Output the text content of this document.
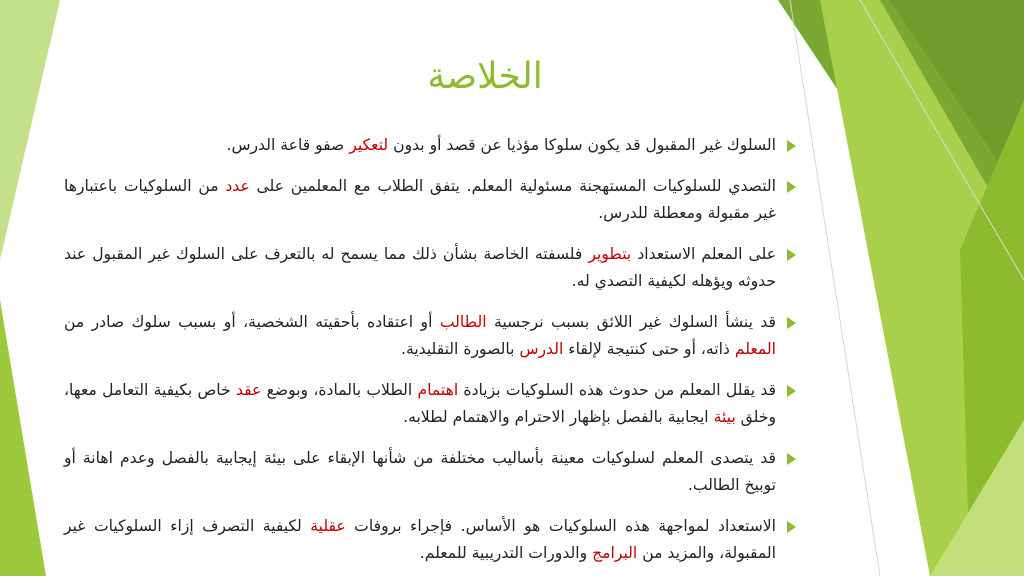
الخلاصة
السلوك غير المقبول قد يكون سلوكا مؤذيا عن قصد أو بدون لتعكير صفو قاعة الدرس.
التصدي للسلوكيات المستهجنة مسئولية المعلم. يتفق الطلاب مع المعلمين على عدد من السلوكيات باعتبارها غير مقبولة ومعطلة للدرس.
على المعلم الاستعداد بتطوير فلسفته الخاصة بشأن ذلك مما يسمح له بالتعرف على السلوك غير المقبول عند حدوثه ويؤهله لكيفية التصدي له.
قد ينشأ السلوك غير اللائق بسبب نرجسية الطالب أو اعتقاده بأحقيته الشخصية، أو بسبب سلوك صادر من المعلم ذاته، أو حتى كنتيجة لإلقاء الدرس بالصورة التقليدية.
قد يقلل المعلم من حدوث هذه السلوكيات بزيادة اهتمام الطلاب بالمادة، وبوضع عقد خاص بكيفية التعامل معها، وخلق بيئة ايجابية بالفصل بإظهار الاحترام والاهتمام لطلابه.
قد يتصدى المعلم لسلوكيات معينة بأساليب مختلفة من شأنها الإبقاء على بيئة إيجابية بالفصل وعدم اهانة أو توبيخ الطالب.
الاستعداد لمواجهة هذه السلوكيات هو الأساس. فإجراء بروفات عقلية لكيفية التصرف إزاء السلوكيات غير المقبولة، والمزيد من البرامج والدورات التدريبية للمعلم.
